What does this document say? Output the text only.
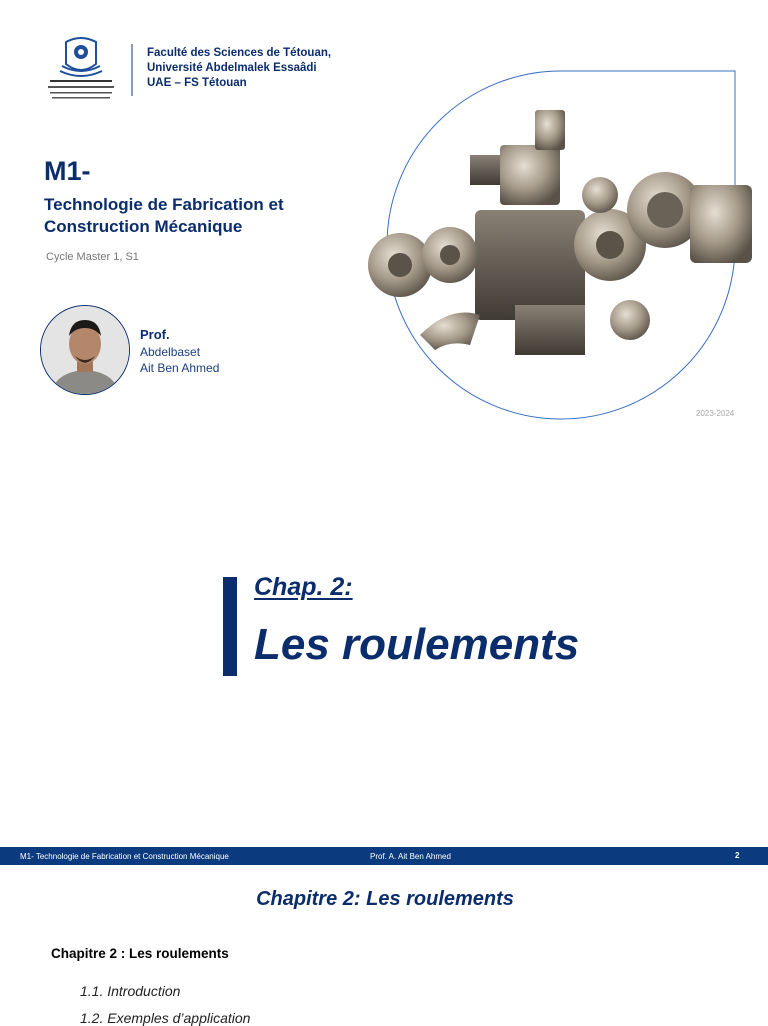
Faculté des Sciences de Tétouan,
Université Abdelmalek Essaâdi
UAE – FS Tétouan
M1-
Technologie de Fabrication et
Construction Mécanique
Cycle Master 1, S1
Prof.
Abdelbaset
Ait Ben Ahmed
2023-2024
Chap. 2:
Les roulements
M1- Technologie de Fabrication et Construction Mécanique	Prof. A. Ait Ben Ahmed	2
Chapitre 2: Les roulements
Chapitre 2 : Les roulements
1.1. Introduction
1.2. Exemples d’application
